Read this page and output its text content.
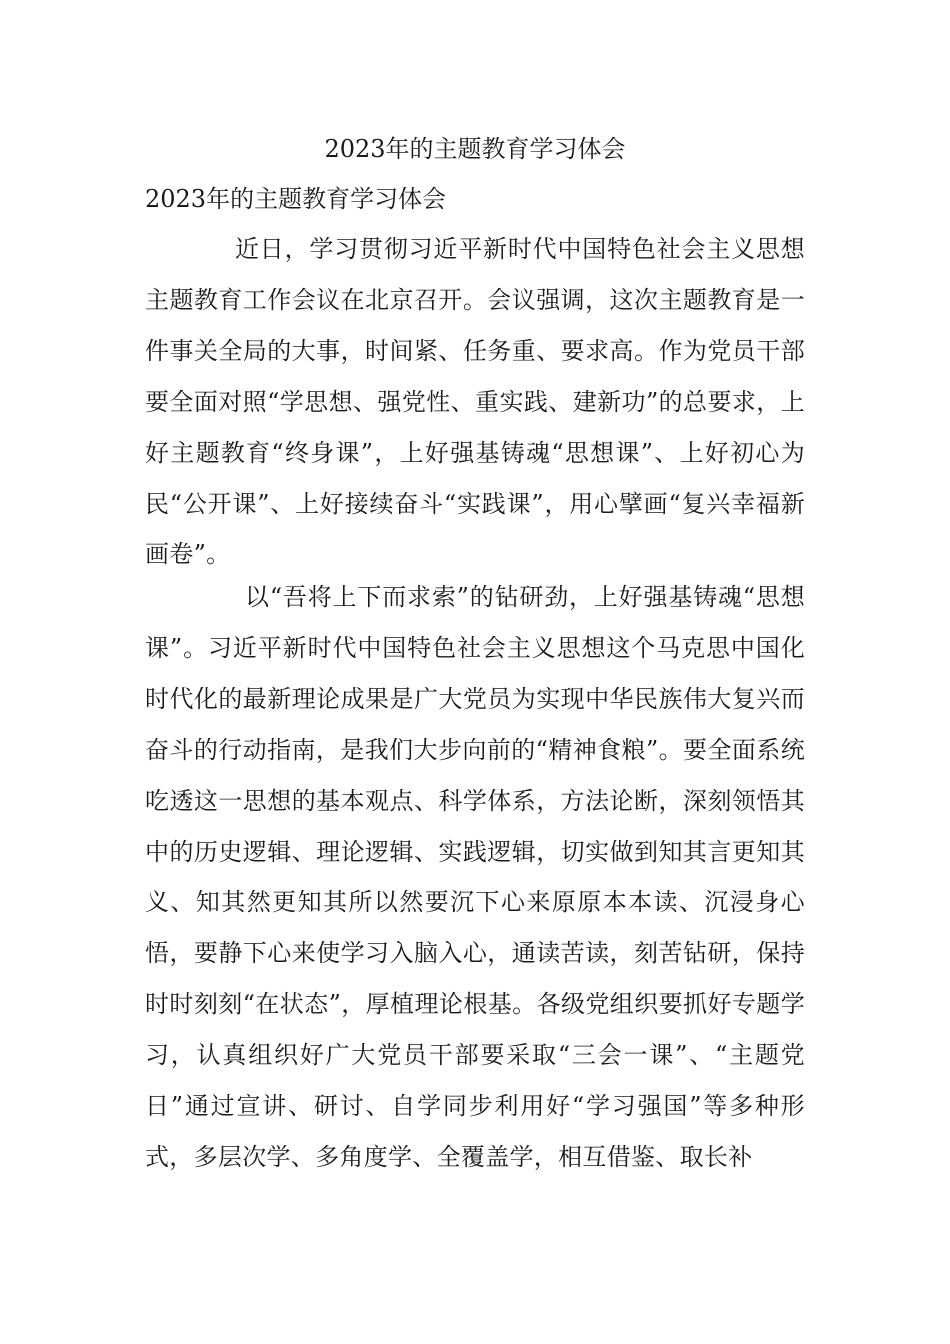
2023年的主题教育学习体会
2023年的主题教育学习体会

近日，学习贯彻习近平新时代中国特色社会主义思想主题教育工作会议在北京召开。会议强调，这次主题教育是一件事关全局的大事，时间紧、任务重、要求高。作为党员干部要全面对照“学思想、强党性、重实践、建新功”的总要求，上好主题教育“终身课”，上好强基铸魂“思想课”、上好初心为民“公开课”、上好接续奋斗“实践课”，用心擘画“复兴幸福新画卷”。

以“吾将上下而求索”的钻研劲，上好强基铸魂“思想课”。习近平新时代中国特色社会主义思想这个马克思中国化时代化的最新理论成果是广大党员为实现中华民族伟大复兴而奋斗的行动指南，是我们大步向前的“精神食粮”。要全面系统吃透这一思想的基本观点、科学体系，方法论断，深刻领悟其中的历史逻辑、理论逻辑、实践逻辑，切实做到知其言更知其义、知其然更知其所以然要沉下心来原原本本读、沉浸身心悟，要静下心来使学习入脑入心，通读苦读，刻苦钻研，保持时时刻刻“在状态”，厚植理论根基。各级党组织要抓好专题学习，认真组织好广大党员干部要采取“三会一课”、“主题党日”通过宣讲、研讨、自学同步利用好“学习强国”等多种形式，多层次学、多角度学、全覆盖学，相互借鉴、取长补
